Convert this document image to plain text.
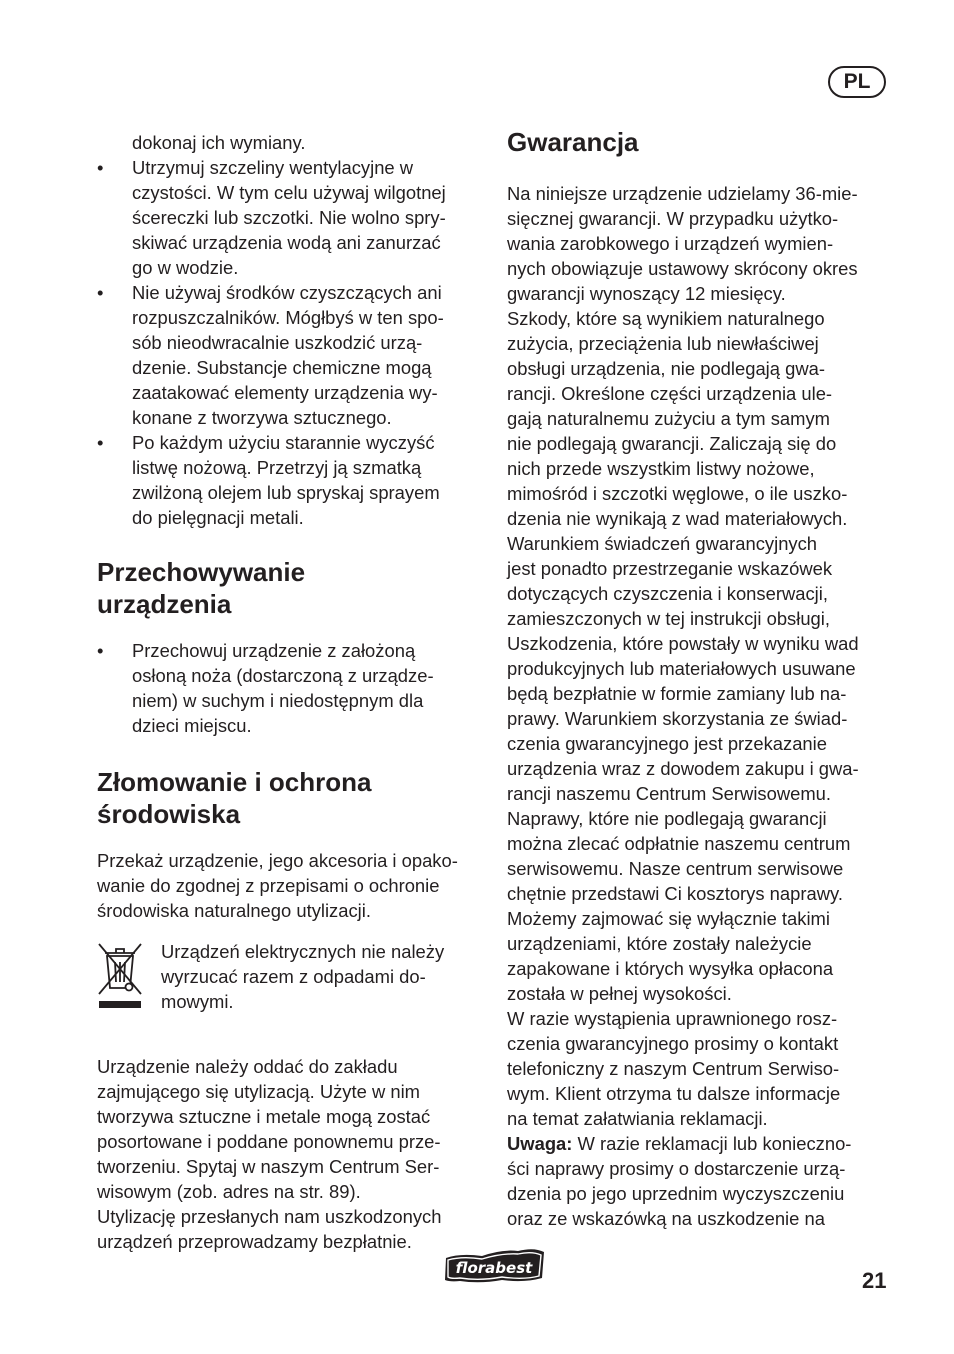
PL

dokonaj ich wymiany.

• Utrzymuj szczeliny wentylacyjne w
czystości. W tym celu używaj wilgotnej
ścereczki lub szczotki. Nie wolno spry-
skiwać urządzenia wodą ani zanurzać
go w wodzie.
• Nie używaj środków czyszczących ani
rozpuszczalników. Mógłbyś w ten spo-
sób nieodwracalnie uszkodzić urzą-
dzenie. Substancje chemiczne mogą
zaatakować elementy urządzenia wy-
konane z tworzywa sztucznego.
• Po każdym użyciu starannie wyczyść
listwę nożową. Przetrzyj ją szmatką
zwilżoną olejem lub spryskaj sprayem
do pielęgnacji metali.
Przechowywanie
urządzenia
• Przechowuj urządzenie z założoną
osłoną noża (dostarczoną z urządze-
niem) w suchym i niedostępnym dla
dzieci miejscu.
Złomowanie i ochrona
środowiska

Przekaż urządzenie, jego akcesoria i opako-
wanie do zgodnej z przepisami o ochronie
środowiska naturalnego utylizacji.

Urządzeń elektrycznych nie należy
wyrzucać razem z odpadami do-
mowymi.

Urządzenie należy oddać do zakładu
zajmującego się utylizacją. Użyte w nim
tworzywa sztuczne i metale mogą zostać
posortowane i poddane ponownemu prze-
tworzeniu. Spytaj w naszym Centrum Ser-
wisowym (zob. adres na str. 89).
Utylizację przesłanych nam uszkodzonych
urządzeń przeprowadzamy bezpłatnie.

Gwarancja

Na niniejsze urządzenie udzielamy 36-mie-
sięcznej gwarancji. W przypadku użytko-
wania zarobkowego i urządzeń wymien-
nych obowiązuje ustawowy skrócony okres
gwarancji wynoszący 12 miesięcy.
Szkody, które są wynikiem naturalnego
zużycia, przeciążenia lub niewłaściwej
obsługi urządzenia, nie podlegają gwa-
rancji. Określone części urządzenia ule-
gają naturalnemu zużyciu a tym samym
nie podlegają gwarancji. Zaliczają się do
nich przede wszystkim listwy nożowe,
mimośród i szczotki węglowe, o ile uszko-
dzenia nie wynikają z wad materiałowych.
Warunkiem świadczeń gwarancyjnych
jest ponadto przestrzeganie wskazówek
dotyczących czyszczenia i konserwacji,
zamieszczonych w tej instrukcji obsługi,
Uszkodzenia, które powstały w wyniku wad
produkcyjnych lub materiałowych usuwane
będą bezpłatnie w formie zamiany lub na-
prawy. Warunkiem skorzystania ze świad-
czenia gwarancyjnego jest przekazanie
urządzenia wraz z dowodem zakupu i gwa-
rancji naszemu Centrum Serwisowemu.
Naprawy, które nie podlegają gwarancji
można zlecać odpłatnie naszemu centrum
serwisowemu. Nasze centrum serwisowe
chętnie przedstawi Ci kosztorys naprawy.
Możemy zajmować się wyłącznie takimi
urządzeniami, które zostały należycie
zapakowane i których wysyłka opłacona
została w pełnej wysokości.
W razie wystąpienia uprawnionego rosz-
czenia gwarancyjnego prosimy o kontakt
telefoniczny z naszym Centrum Serwiso-
wym. Klient otrzyma tu dalsze informacje
na temat załatwiania reklamacji.

Uwaga: W razie reklamacji lub konieczno-
ści naprawy prosimy o dostarczenie urzą-
dzenia po jego uprzednim wyczyszczeniu
oraz ze wskazówką na uszkodzenie na

florabest	21
